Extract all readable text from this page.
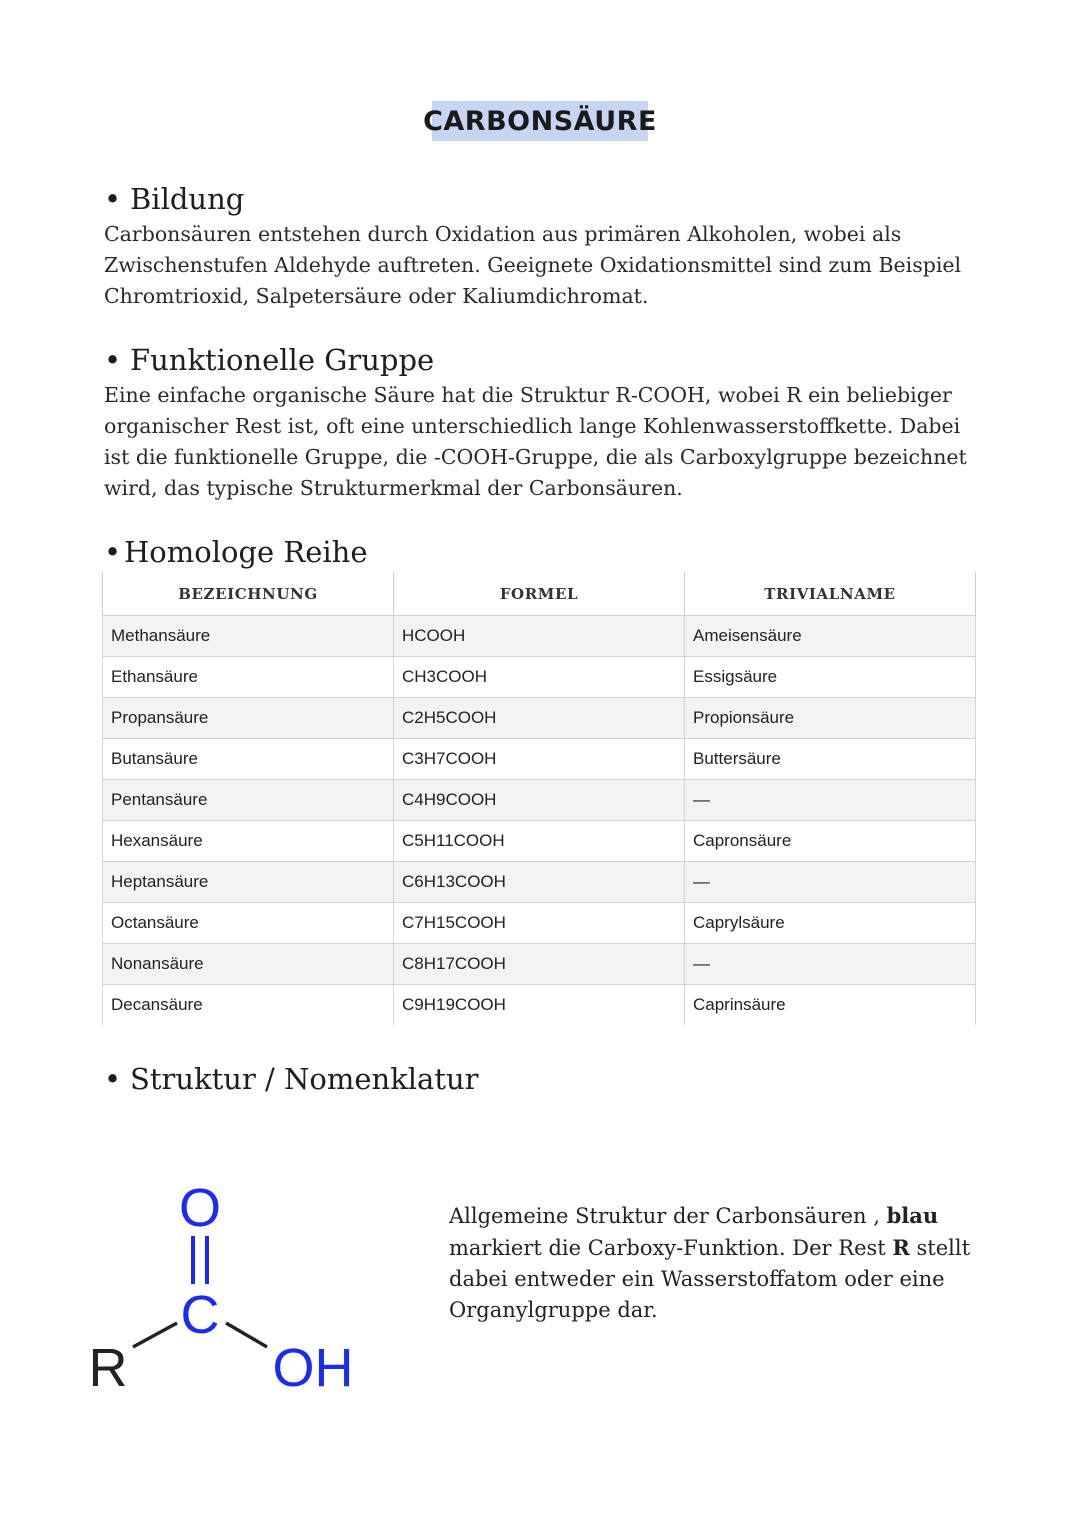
CARBONSÄURE
• Bildung
Carbonsäuren entstehen durch Oxidation aus primären Alkoholen, wobei als Zwischenstufen Aldehyde auftreten. Geeignete Oxidationsmittel sind zum Beispiel Chromtrioxid, Salpetersäure oder Kaliumdichromat.
• Funktionelle Gruppe
Eine einfache organische Säure hat die Struktur R-COOH, wobei R ein beliebiger organischer Rest ist, oft eine unterschiedlich lange Kohlenwasserstoffkette. Dabei ist die funktionelle Gruppe, die -COOH-Gruppe, die als Carboxylgruppe bezeichnet wird, das typische Strukturmerkmal der Carbonsäuren.
•Homologe Reihe
BEZEICHNUNG	FORMEL	TRIVIALNAME
Methansäure	HCOOH	Ameisensäure
Ethansäure	CH3COOH	Essigsäure
Propansäure	C2H5COOH	Propionsäure
Butansäure	C3H7COOH	Buttersäure
Pentansäure	C4H9COOH	—
Hexansäure	C5H11COOH	Capronsäure
Heptansäure	C6H13COOH	—
Octansäure	C7H15COOH	Caprylsäure
Nonansäure	C8H17COOH	—
Decansäure	C9H19COOH	Caprinsäure
• Struktur / Nomenklatur
O
C
R	OH
Allgemeine Struktur der Carbonsäuren , blau markiert die Carboxy-Funktion. Der Rest R stellt dabei entweder ein Wasserstoffatom oder eine Organylgruppe dar.
